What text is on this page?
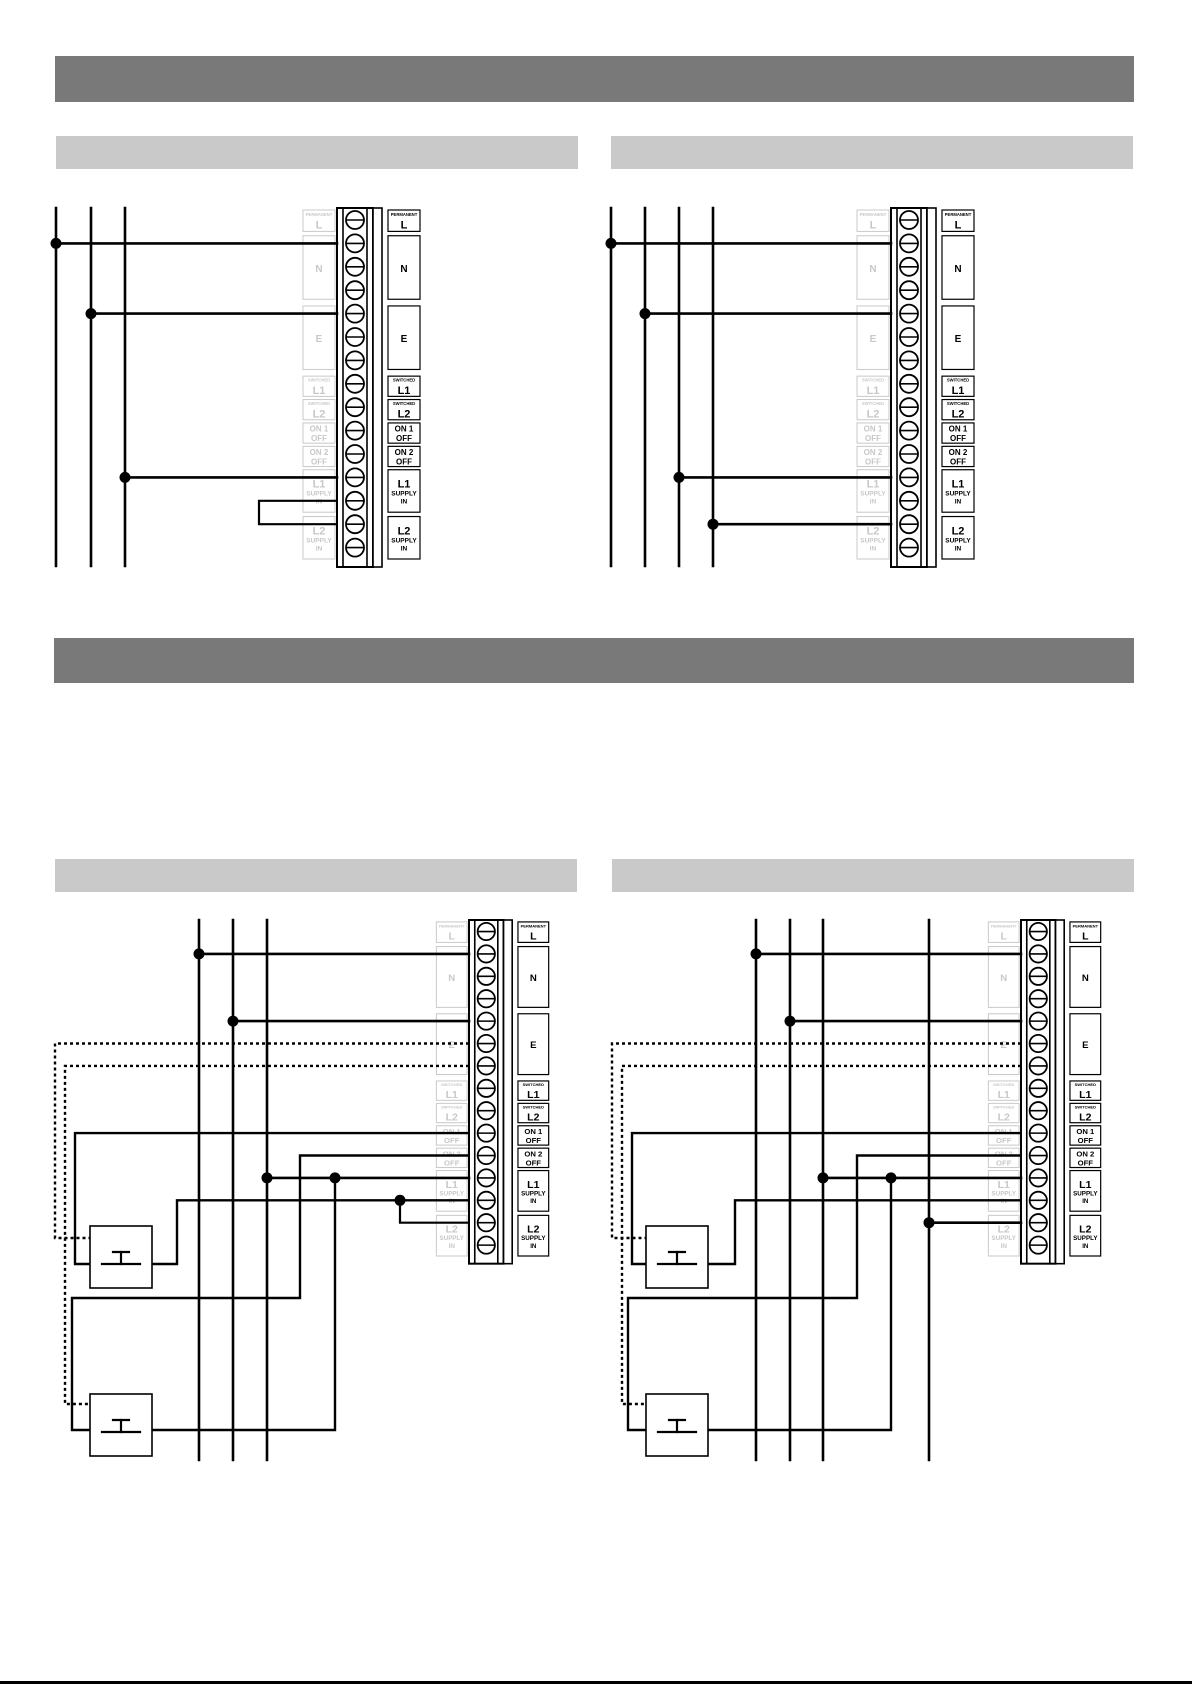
PERMANENT
L
N
E
SWITCHED
L1
SWITCHED
L2
ON 1
OFF
ON 2
OFF
L1
SUPPLY
IN
L2
SUPPLY
IN
PERMANENT
L
N
E
SWITCHED
L1
SWITCHED
L2
ON 1
OFF
ON 2
OFF
L1
SUPPLY
IN
L2
SUPPLY
IN
PERMANENT
L
N
E
SWITCHED
L1
SWITCHED
L2
ON 1
OFF
ON 2
OFF
L1
SUPPLY
IN
L2
SUPPLY
IN
PERMANENT
L
N
E
SWITCHED
L1
SWITCHED
L2
ON 1
OFF
ON 2
OFF
L1
SUPPLY
IN
L2
SUPPLY
IN
PERMANENT
L
N
E
SWITCHED
L1
SWITCHED
L2
ON 1
OFF
ON 2
OFF
L1
SUPPLY
IN
L2
SUPPLY
IN
PERMANENT
L
N
E
SWITCHED
L1
SWITCHED
L2
ON 1
OFF
ON 2
OFF
L1
SUPPLY
IN
L2
SUPPLY
IN
PERMANENT
L
N
E
SWITCHED
L1
SWITCHED
L2
ON 1
OFF
ON 2
OFF
L1
SUPPLY
IN
L2
SUPPLY
IN
PERMANENT
L
N
E
SWITCHED
L1
SWITCHED
L2
ON 1
OFF
ON 2
OFF
L1
SUPPLY
IN
L2
SUPPLY
IN
